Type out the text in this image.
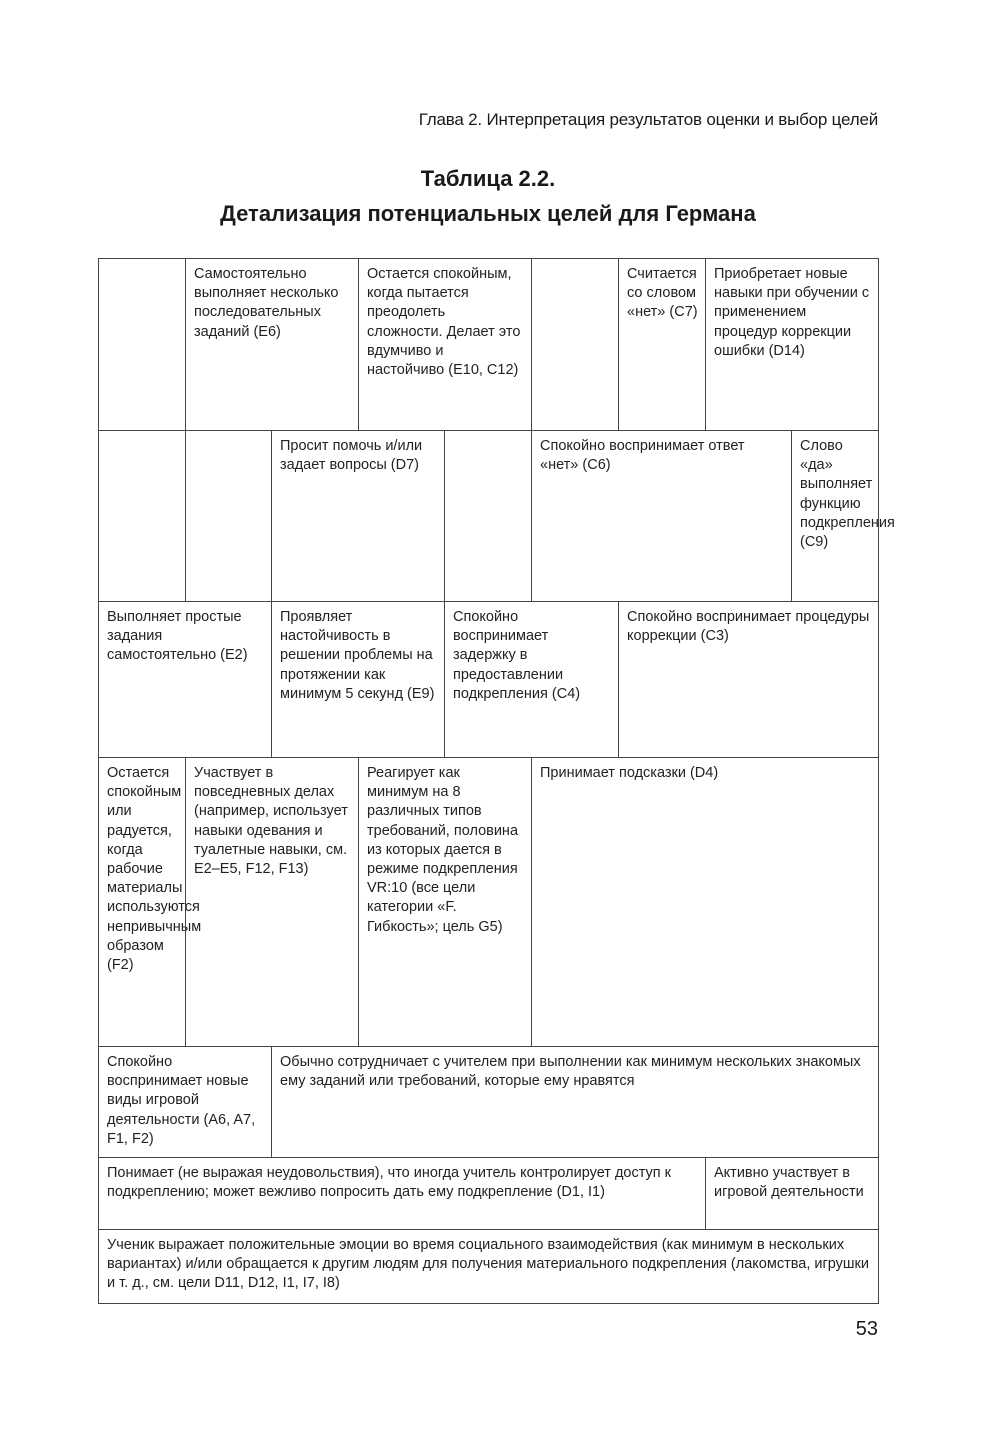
Глава 2. Интерпретация результатов оценки и выбор целей

Таблица 2.2.

Детализация потенциальных целей для Германа

Самостоятельно выполняет несколько последовательных заданий (E6)
Остается спокойным, когда пытается преодолеть сложности. Делает это вдумчиво и настойчиво (E10, C12)
Считается со словом «нет» (C7)
Приобретает новые навыки при обучении с применением процедур коррекции ошибки (D14)
Просит помочь и/или задает вопросы (D7)
Спокойно воспринимает ответ «нет» (C6)
Слово «да» выполняет функцию подкрепления (C9)
Выполняет простые задания самостоятельно (E2)
Проявляет настойчивость в решении проблемы на протяжении как минимум 5 секунд (E9)
Спокойно воспринимает задержку в предоставлении подкрепления (C4)
Спокойно воспринимает процедуры коррекции (C3)
Остается спокойным или радуется, когда рабочие материалы используются непривычным образом (F2)
Участвует в повседневных делах (например, использует навыки одевания и туалетные навыки, см. E2–E5, F12, F13)
Реагирует как минимум на 8 различных типов требований, половина из которых дается в режиме подкрепления VR:10 (все цели категории «F. Гибкость»; цель G5)
Принимает подсказки (D4)
Спокойно воспринимает новые виды игровой деятельности (A6, A7, F1, F2)
Обычно сотрудничает с учителем при выполнении как минимум нескольких знакомых ему заданий или требований, которые ему нравятся
Понимает (не выражая неудовольствия), что иногда учитель контролирует доступ к подкреплению; может вежливо попросить дать ему подкрепление (D1, I1)
Активно участвует в игровой деятельности
Ученик выражает положительные эмоции во время социального взаимодействия (как минимум в нескольких вариантах) и/или обращается к другим людям для получения материального подкрепления (лакомства, игрушки и т. д., см. цели D11, D12, I1, I7, I8)
53
